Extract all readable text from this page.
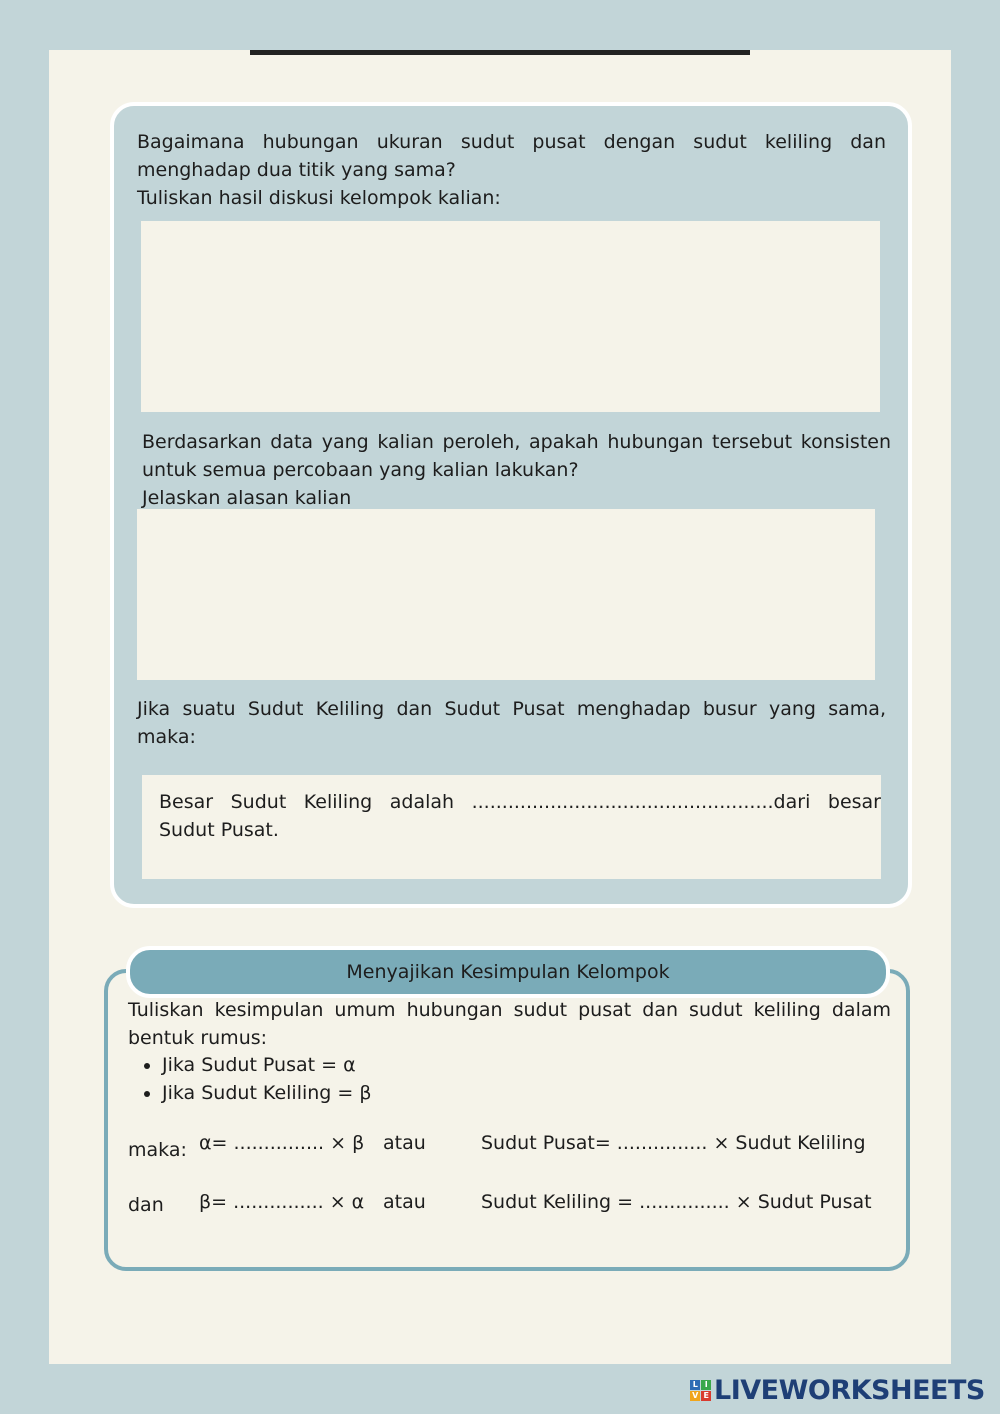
Bagaimana hubungan ukuran sudut pusat dengan sudut keliling dan menghadap dua titik yang sama?
Tuliskan hasil diskusi kelompok kalian:
Berdasarkan data yang kalian peroleh, apakah hubungan tersebut konsisten untuk semua percobaan yang kalian lakukan?
Jelaskan alasan kalian
Jika suatu Sudut Keliling dan Sudut Pusat menghadap busur yang sama, maka:
Besar Sudut Keliling adalah ..................................................dari besar Sudut Pusat.
Menyajikan Kesimpulan Kelompok
Tuliskan kesimpulan umum hubungan sudut pusat dan sudut keliling dalam bentuk rumus:
• Jika Sudut Pusat = α
• Jika Sudut Keliling = β
maka: α= ............... × β atau	Sudut Pusat= ............... × Sudut Keliling
dan β= ............... × α atau	Sudut Keliling = ............... × Sudut Pusat
L I
V E LIVEWORKSHEETS
